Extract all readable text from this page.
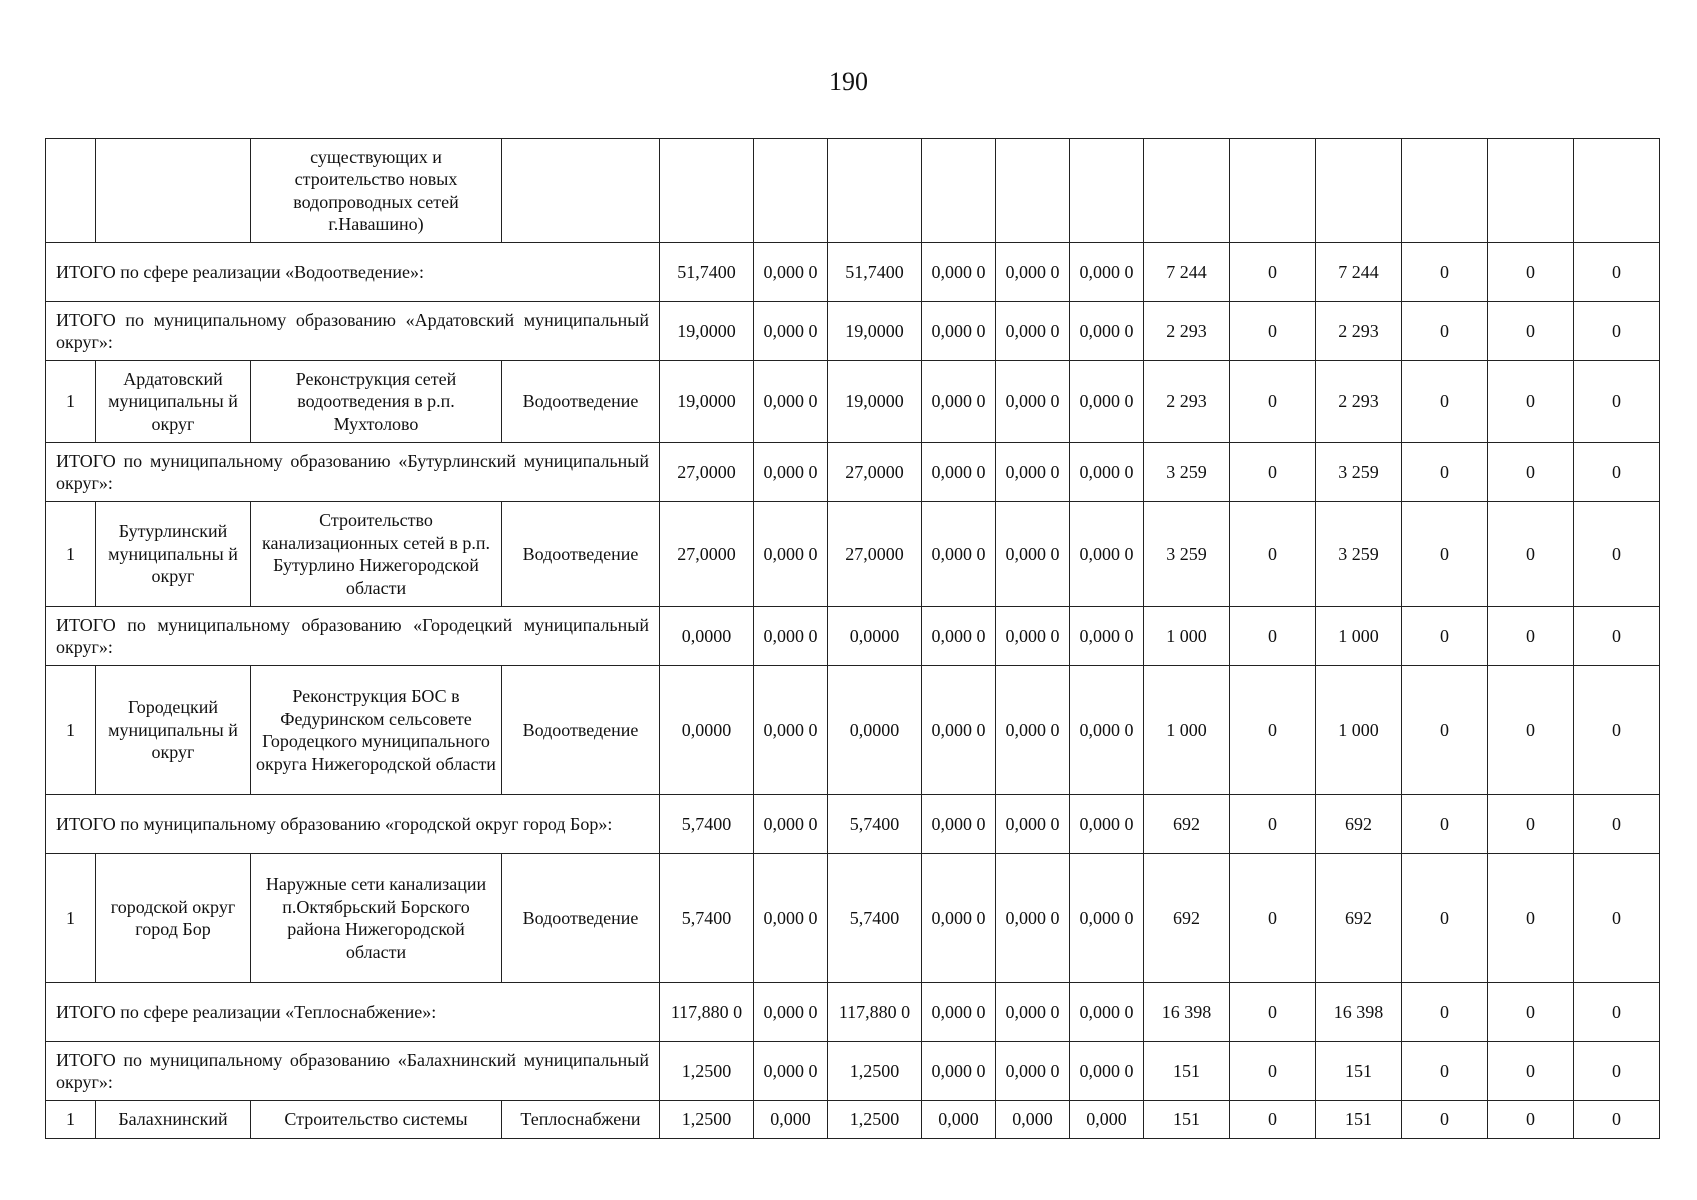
190
		существующих и строительство новых водопроводных сетей г.Навашино)													
ИТОГО по сфере реализации «Водоотведение»:				51,7400	0,000 0	51,7400	0,000 0	0,000 0	0,000 0	7 244	0	7 244	0	0	0
ИТОГО по муниципальному образованию «Ардатовский муниципальный округ»:				19,0000	0,000 0	19,0000	0,000 0	0,000 0	0,000 0	2 293	0	2 293	0	0	0
1	Ардатовский муниципальны й округ	Реконструкция сетей водоотведения в р.п. Мухтолово	Водоотведение	19,0000	0,000 0	19,0000	0,000 0	0,000 0	0,000 0	2 293	0	2 293	0	0	0
ИТОГО по муниципальному образованию «Бутурлинский муниципальный округ»:				27,0000	0,000 0	27,0000	0,000 0	0,000 0	0,000 0	3 259	0	3 259	0	0	0
1	Бутурлинский муниципальны й округ	Строительство канализационных сетей в р.п. Бутурлино Нижегородской области	Водоотведение	27,0000	0,000 0	27,0000	0,000 0	0,000 0	0,000 0	3 259	0	3 259	0	0	0
ИТОГО по муниципальному образованию «Городецкий муниципальный округ»:				0,0000	0,000 0	0,0000	0,000 0	0,000 0	0,000 0	1 000	0	1 000	0	0	0
1	Городецкий муниципальны й округ	Реконструкция БОС в Федуринском сельсовете Городецкого муниципального округа Нижегородской области	Водоотведение	0,0000	0,000 0	0,0000	0,000 0	0,000 0	0,000 0	1 000	0	1 000	0	0	0
ИТОГО по муниципальному образованию «городской округ город Бор»:				5,7400	0,000 0	5,7400	0,000 0	0,000 0	0,000 0	692	0	692	0	0	0
1	городской округ город Бор	Наружные сети канализации п.Октябрьский Борского района Нижегородской области	Водоотведение	5,7400	0,000 0	5,7400	0,000 0	0,000 0	0,000 0	692	0	692	0	0	0
ИТОГО по сфере реализации «Теплоснабжение»:				117,880 0	0,000 0	117,880 0	0,000 0	0,000 0	0,000 0	16 398	0	16 398	0	0	0
ИТОГО по муниципальному образованию «Балахнинский муниципальный округ»:				1,2500	0,000 0	1,2500	0,000 0	0,000 0	0,000 0	151	0	151	0	0	0
1	Балахнинский	Строительство системы	Теплоснабжени	1,2500	0,000	1,2500	0,000	0,000	0,000	151	0	151	0	0	0
